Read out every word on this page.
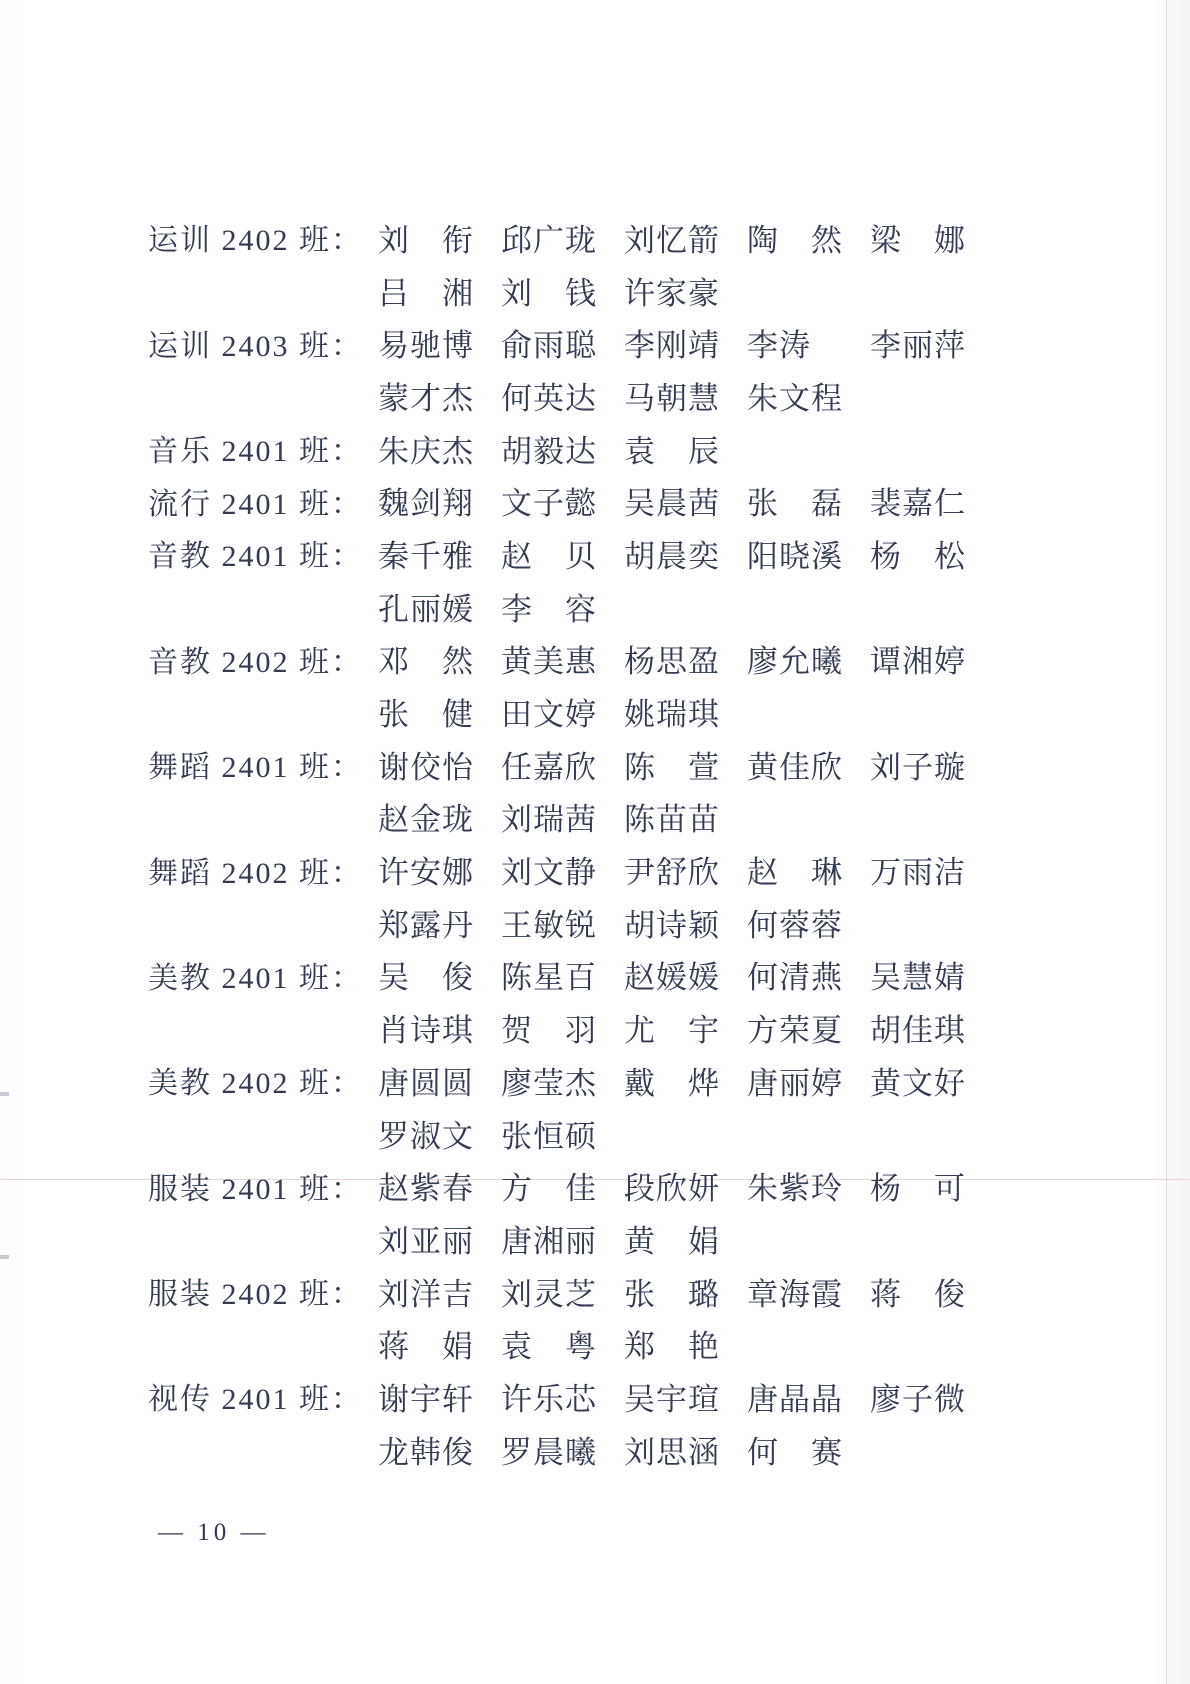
运训 2402 班： 刘　衔 邱广珑 刘忆箭 陶　然 梁　娜
吕　湘 刘　钱 许家豪
运训 2403 班： 易驰博 俞雨聪 李刚靖 李涛	李丽萍
蒙才杰 何英达 马朝慧 朱文程
音乐 2401 班： 朱庆杰 胡毅达 袁　辰
流行 2401 班： 魏剑翔 文子懿 吴晨茜 张　磊 裴嘉仁
音教 2401 班： 秦千雅 赵　贝 胡晨奕 阳晓溪 杨　松
孔丽媛 李　容
音教 2402 班： 邓　然 黄美惠 杨思盈 廖允曦 谭湘婷
张　健 田文婷 姚瑞琪
舞蹈 2401 班： 谢佼怡 任嘉欣 陈　萱 黄佳欣 刘子璇
赵金珑 刘瑞茜 陈苗苗
舞蹈 2402 班： 许安娜 刘文静 尹舒欣 赵　琳 万雨洁
郑露丹 王敏锐 胡诗颖 何蓉蓉
美教 2401 班： 吴　俊 陈星百 赵媛媛 何清燕 吴慧婧
肖诗琪 贺　羽 尤　宇 方荣夏 胡佳琪
美教 2402 班： 唐圆圆 廖莹杰 戴　烨 唐丽婷 黄文好
罗淑文 张恒硕
服装 2401 班： 赵紫春 方　佳 段欣妍 朱紫玲 杨　可
刘亚丽 唐湘丽 黄　娟
服装 2402 班： 刘洋吉 刘灵芝 张　璐 章海霞 蒋　俊
蒋　娟 袁　粤 郑　艳
视传 2401 班： 谢宇轩 许乐芯 吴宇瑄 唐晶晶 廖子微
龙韩俊 罗晨曦 刘思涵 何　赛
— 10 —
